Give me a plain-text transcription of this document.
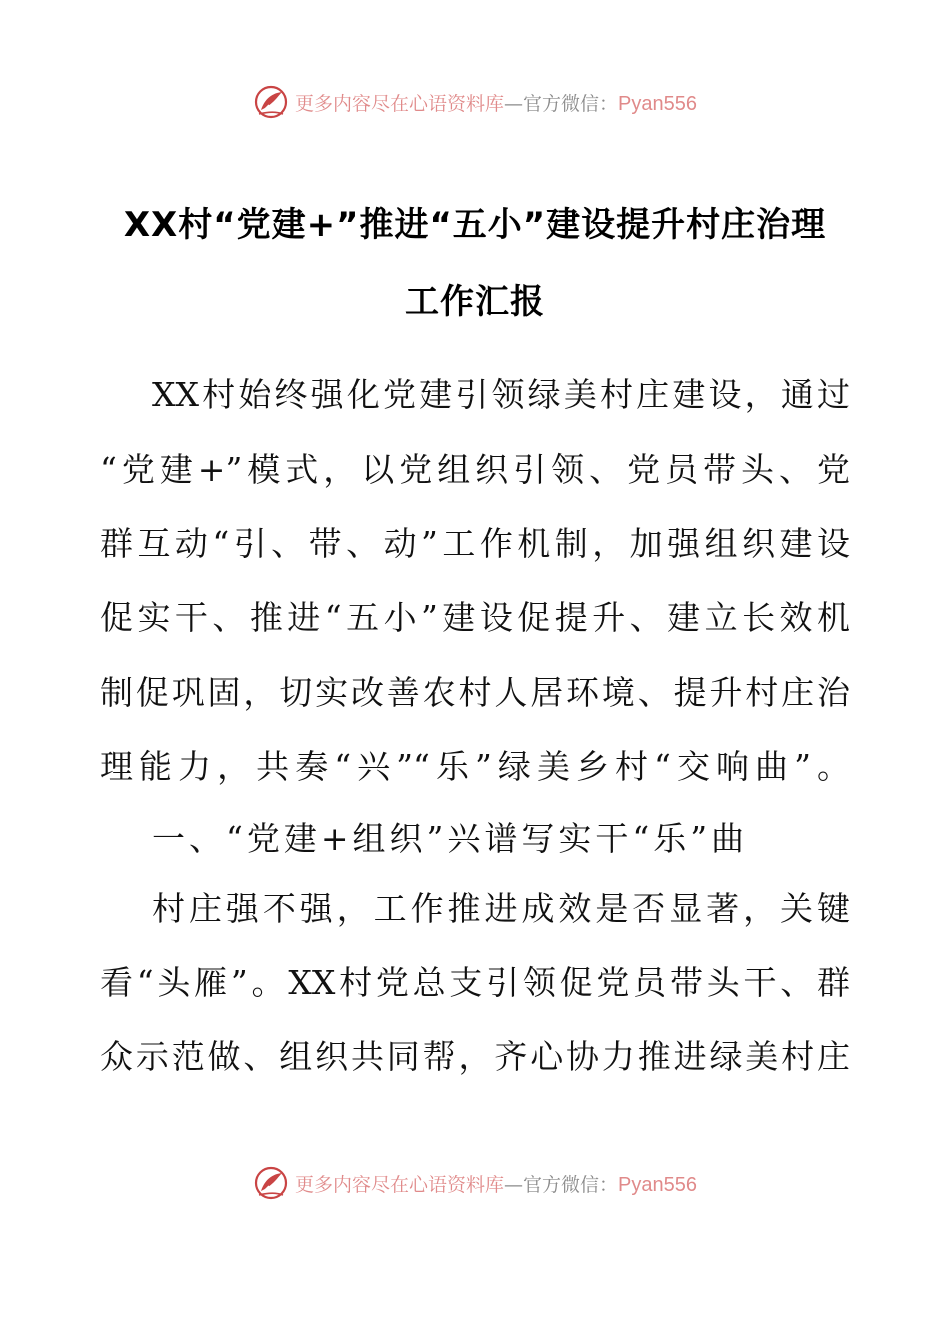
更多内容尽在心语资料库—官方微信：Pyan556
XX村“党建+”推进“五小”建设提升村庄治理
工作汇报
XX村始终强化党建引领绿美村庄建设，通过
“党建+”模式，以党组织引领、党员带头、党
群互动“引、带、动”工作机制，加强组织建设
促实干、推进“五小”建设促提升、建立长效机
制促巩固，切实改善农村人居环境、提升村庄治
理能力，共奏“兴”“乐”绿美乡村“交响曲”。
一、“党建+组织”兴谱写实干“乐”曲
村庄强不强，工作推进成效是否显著，关键
看“头雁”。XX村党总支引领促党员带头干、群
众示范做、组织共同帮，齐心协力推进绿美村庄
更多内容尽在心语资料库—官方微信：Pyan556
